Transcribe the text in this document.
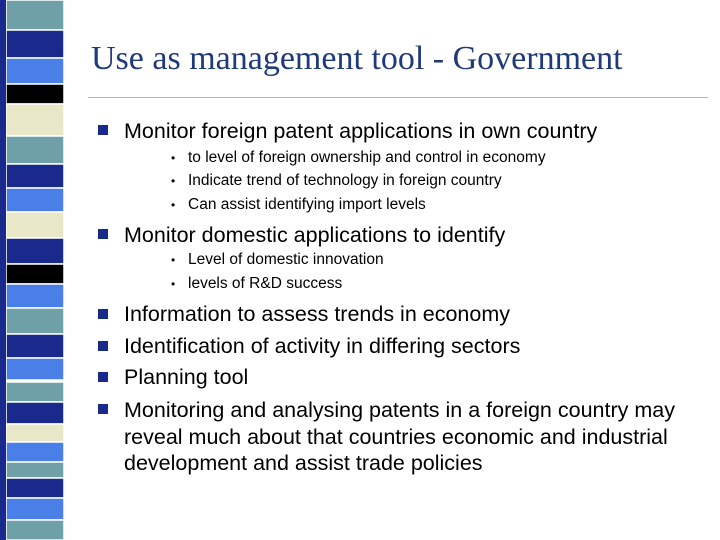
Use as management tool - Government
Monitor foreign patent applications in own country
• to level of foreign ownership and control in economy
• Indicate trend of technology in foreign country
• Can assist identifying import levels
Monitor domestic applications to identify
• Level of domestic innovation
• levels of R&D success
Information to assess trends in economy
Identification of activity in differing sectors
Planning tool
Monitoring and analysing patents in a foreign country may reveal much about that countries economic and industrial development and assist trade policies
